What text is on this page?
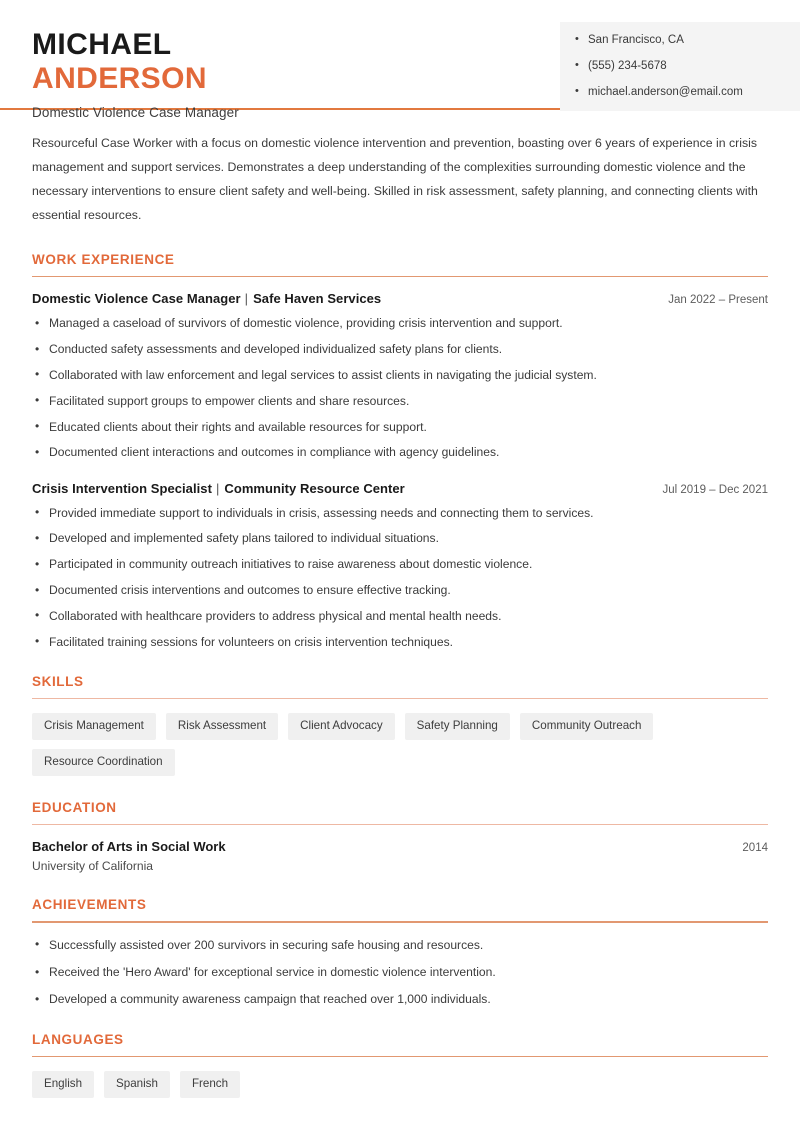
MICHAEL
ANDERSON
Domestic Violence Case Manager
• San Francisco, CA
• (555) 234-5678
• michael.anderson@email.com

Resourceful Case Worker with a focus on domestic violence intervention and prevention, boasting over 6 years of experience in crisis management and support services. Demonstrates a deep understanding of the complexities surrounding domestic violence and the necessary interventions to ensure client safety and well-being. Skilled in risk assessment, safety planning, and connecting clients with essential resources.

WORK EXPERIENCE
Domestic Violence Case Manager | Safe Haven Services	Jan 2022 – Present
• Managed a caseload of survivors of domestic violence, providing crisis intervention and support.
• Conducted safety assessments and developed individualized safety plans for clients.
• Collaborated with law enforcement and legal services to assist clients in navigating the judicial system.
• Facilitated support groups to empower clients and share resources.
• Educated clients about their rights and available resources for support.
• Documented client interactions and outcomes in compliance with agency guidelines.
Crisis Intervention Specialist | Community Resource Center	Jul 2019 – Dec 2021
• Provided immediate support to individuals in crisis, assessing needs and connecting them to services.
• Developed and implemented safety plans tailored to individual situations.
• Participated in community outreach initiatives to raise awareness about domestic violence.
• Documented crisis interventions and outcomes to ensure effective tracking.
• Collaborated with healthcare providers to address physical and mental health needs.
• Facilitated training sessions for volunteers on crisis intervention techniques.
SKILLS
Crisis Management	Risk Assessment	Client Advocacy	Safety Planning	Community Outreach
Resource Coordination
EDUCATION
Bachelor of Arts in Social Work	2014
University of California
ACHIEVEMENTS
• Successfully assisted over 200 survivors in securing safe housing and resources.
• Received the 'Hero Award' for exceptional service in domestic violence intervention.
• Developed a community awareness campaign that reached over 1,000 individuals.
LANGUAGES
English	Spanish	French
